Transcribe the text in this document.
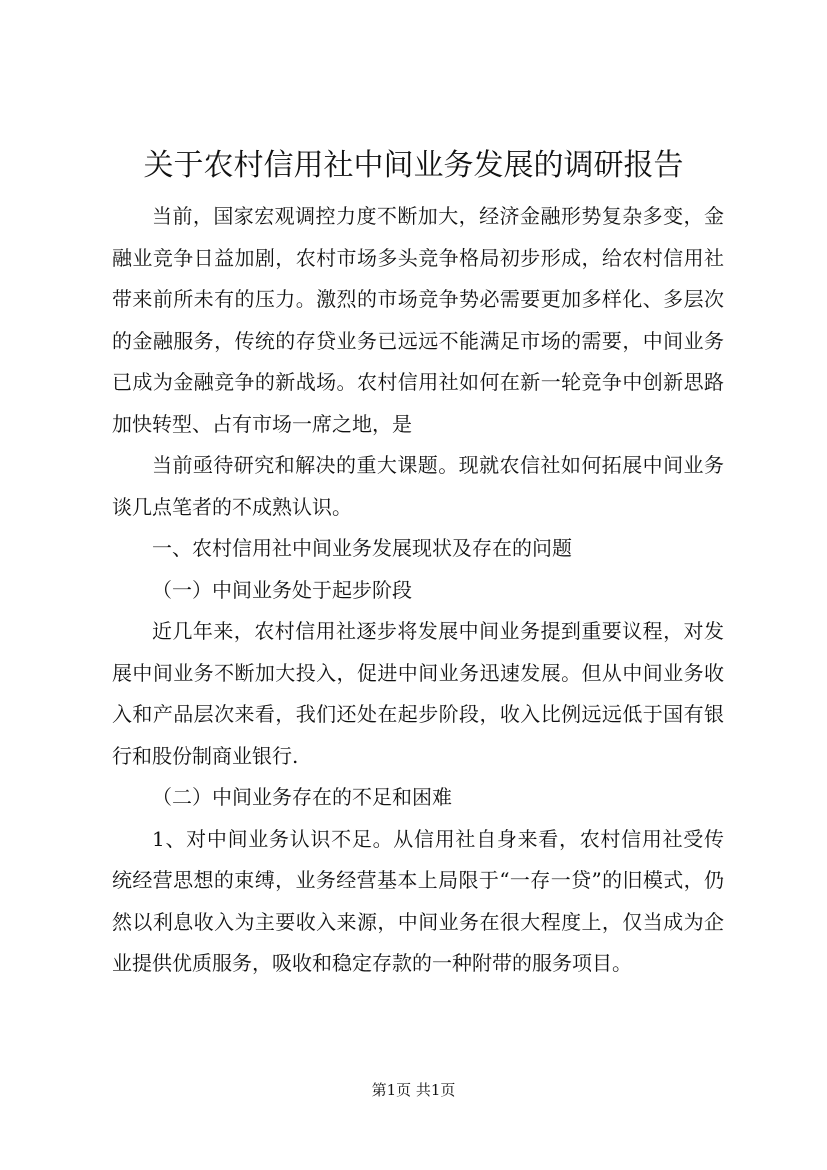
关于农村信用社中间业务发展的调研报告

当前，国家宏观调控力度不断加大，经济金融形势复杂多变，金融业竞争日益加剧，农村市场多头竞争格局初步形成，给农村信用社带来前所未有的压力。激烈的市场竞争势必需要更加多样化、多层次的金融服务，传统的存贷业务已远远不能满足市场的需要，中间业务已成为金融竞争的新战场。农村信用社如何在新一轮竞争中创新思路加快转型、占有市场一席之地，是

当前亟待研究和解决的重大课题。现就农信社如何拓展中间业务谈几点笔者的不成熟认识。

一、农村信用社中间业务发展现状及存在的问题

（一）中间业务处于起步阶段

近几年来，农村信用社逐步将发展中间业务提到重要议程，对发展中间业务不断加大投入，促进中间业务迅速发展。但从中间业务收入和产品层次来看，我们还处在起步阶段，收入比例远远低于国有银行和股份制商业银行.

（二）中间业务存在的不足和困难

1、对中间业务认识不足。从信用社自身来看，农村信用社受传统经营思想的束缚，业务经营基本上局限于“一存一贷”的旧模式，仍然以利息收入为主要收入来源，中间业务在很大程度上，仅当成为企业提供优质服务，吸收和稳定存款的一种附带的服务项目。

第1页 共1页
